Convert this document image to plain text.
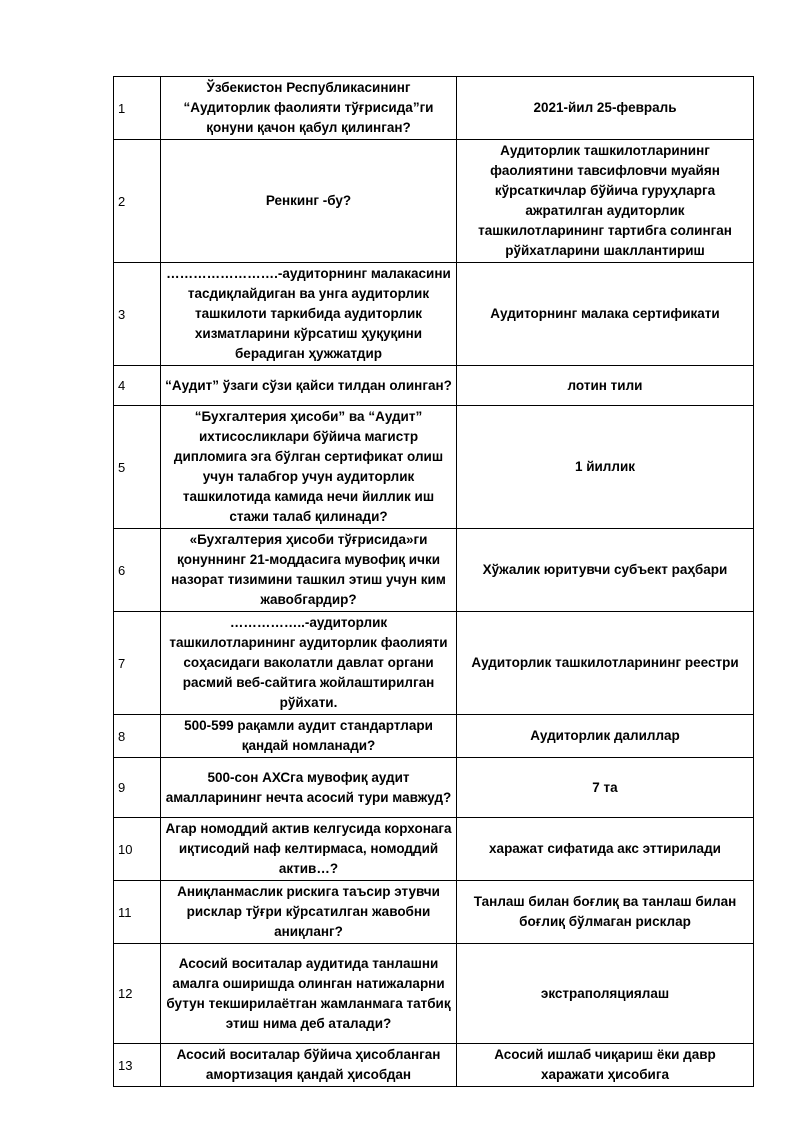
1	Ўзбекистон Республикасининг “Аудиторлик фаолияти тўғрисида”ги қонуни қачон қабул қилинган?	2021-йил 25-февраль
2	Ренкинг -бу?	Аудиторлик ташкилотларининг фаолиятини тавсифловчи муайян кўрсаткичлар бўйича гуруҳларга ажратилган аудиторлик ташкилотларининг тартибга солинган рўйхатларини шакллантириш
3	…………………….-аудиторнинг малакасини тасдиқлайдиган ва унга аудиторлик ташкилоти таркибида аудиторлик хизматларини кўрсатиш ҳуқуқини берадиган ҳужжатдир	Аудиторнинг малака сертификати
4	“Аудит” ўзаги сўзи қайси тилдан олинган?	лотин тили
5	“Бухгалтерия ҳисоби” ва “Аудит” ихтисосликлари бўйича магистр дипломига эга бўлган сертификат олиш учун талабгор учун аудиторлик ташкилотида камида нечи йиллик иш стажи талаб қилинади?	1 йиллик
6	«Бухгалтерия ҳисоби тўғрисида»ги қонуннинг 21-моддасига мувофиқ ички назорат тизимини ташкил этиш учун ким жавобгардир?	Хўжалик юритувчи субъект раҳбари
7	……………..-аудиторлик ташкилотларининг аудиторлик фаолияти соҳасидаги ваколатли давлат органи расмий веб-сайтига жойлаштирилган рўйхати.	Аудиторлик ташкилотларининг реестри
8	500-599 рақамли аудит стандартлари қандай номланади?	Аудиторлик далиллар
9	500-сон АХСга мувофиқ аудит амалларининг нечта асосий тури мавжуд?	7 та
10	Агар номоддий актив келгусида корхонага иқтисодий наф келтирмаса, номоддий актив…?	харажат сифатида акс эттирилади
11	Аниқланмаслик рискига таъсир этувчи рисклар тўғри кўрсатилган жавобни аниқланг?	Танлаш билан боғлиқ ва танлаш билан боғлиқ бўлмаган рисклар
12	Асосий воситалар аудитида танлашни амалга оширишда олинган натижаларни бутун текширилаётган жамланмага татбиқ этиш нима деб аталади?	экстраполяциялаш
13	Асосий воситалар бўйича ҳисобланган амортизация қандай ҳисобдан	Асосий ишлаб чиқариш ёки давр харажати ҳисобига
